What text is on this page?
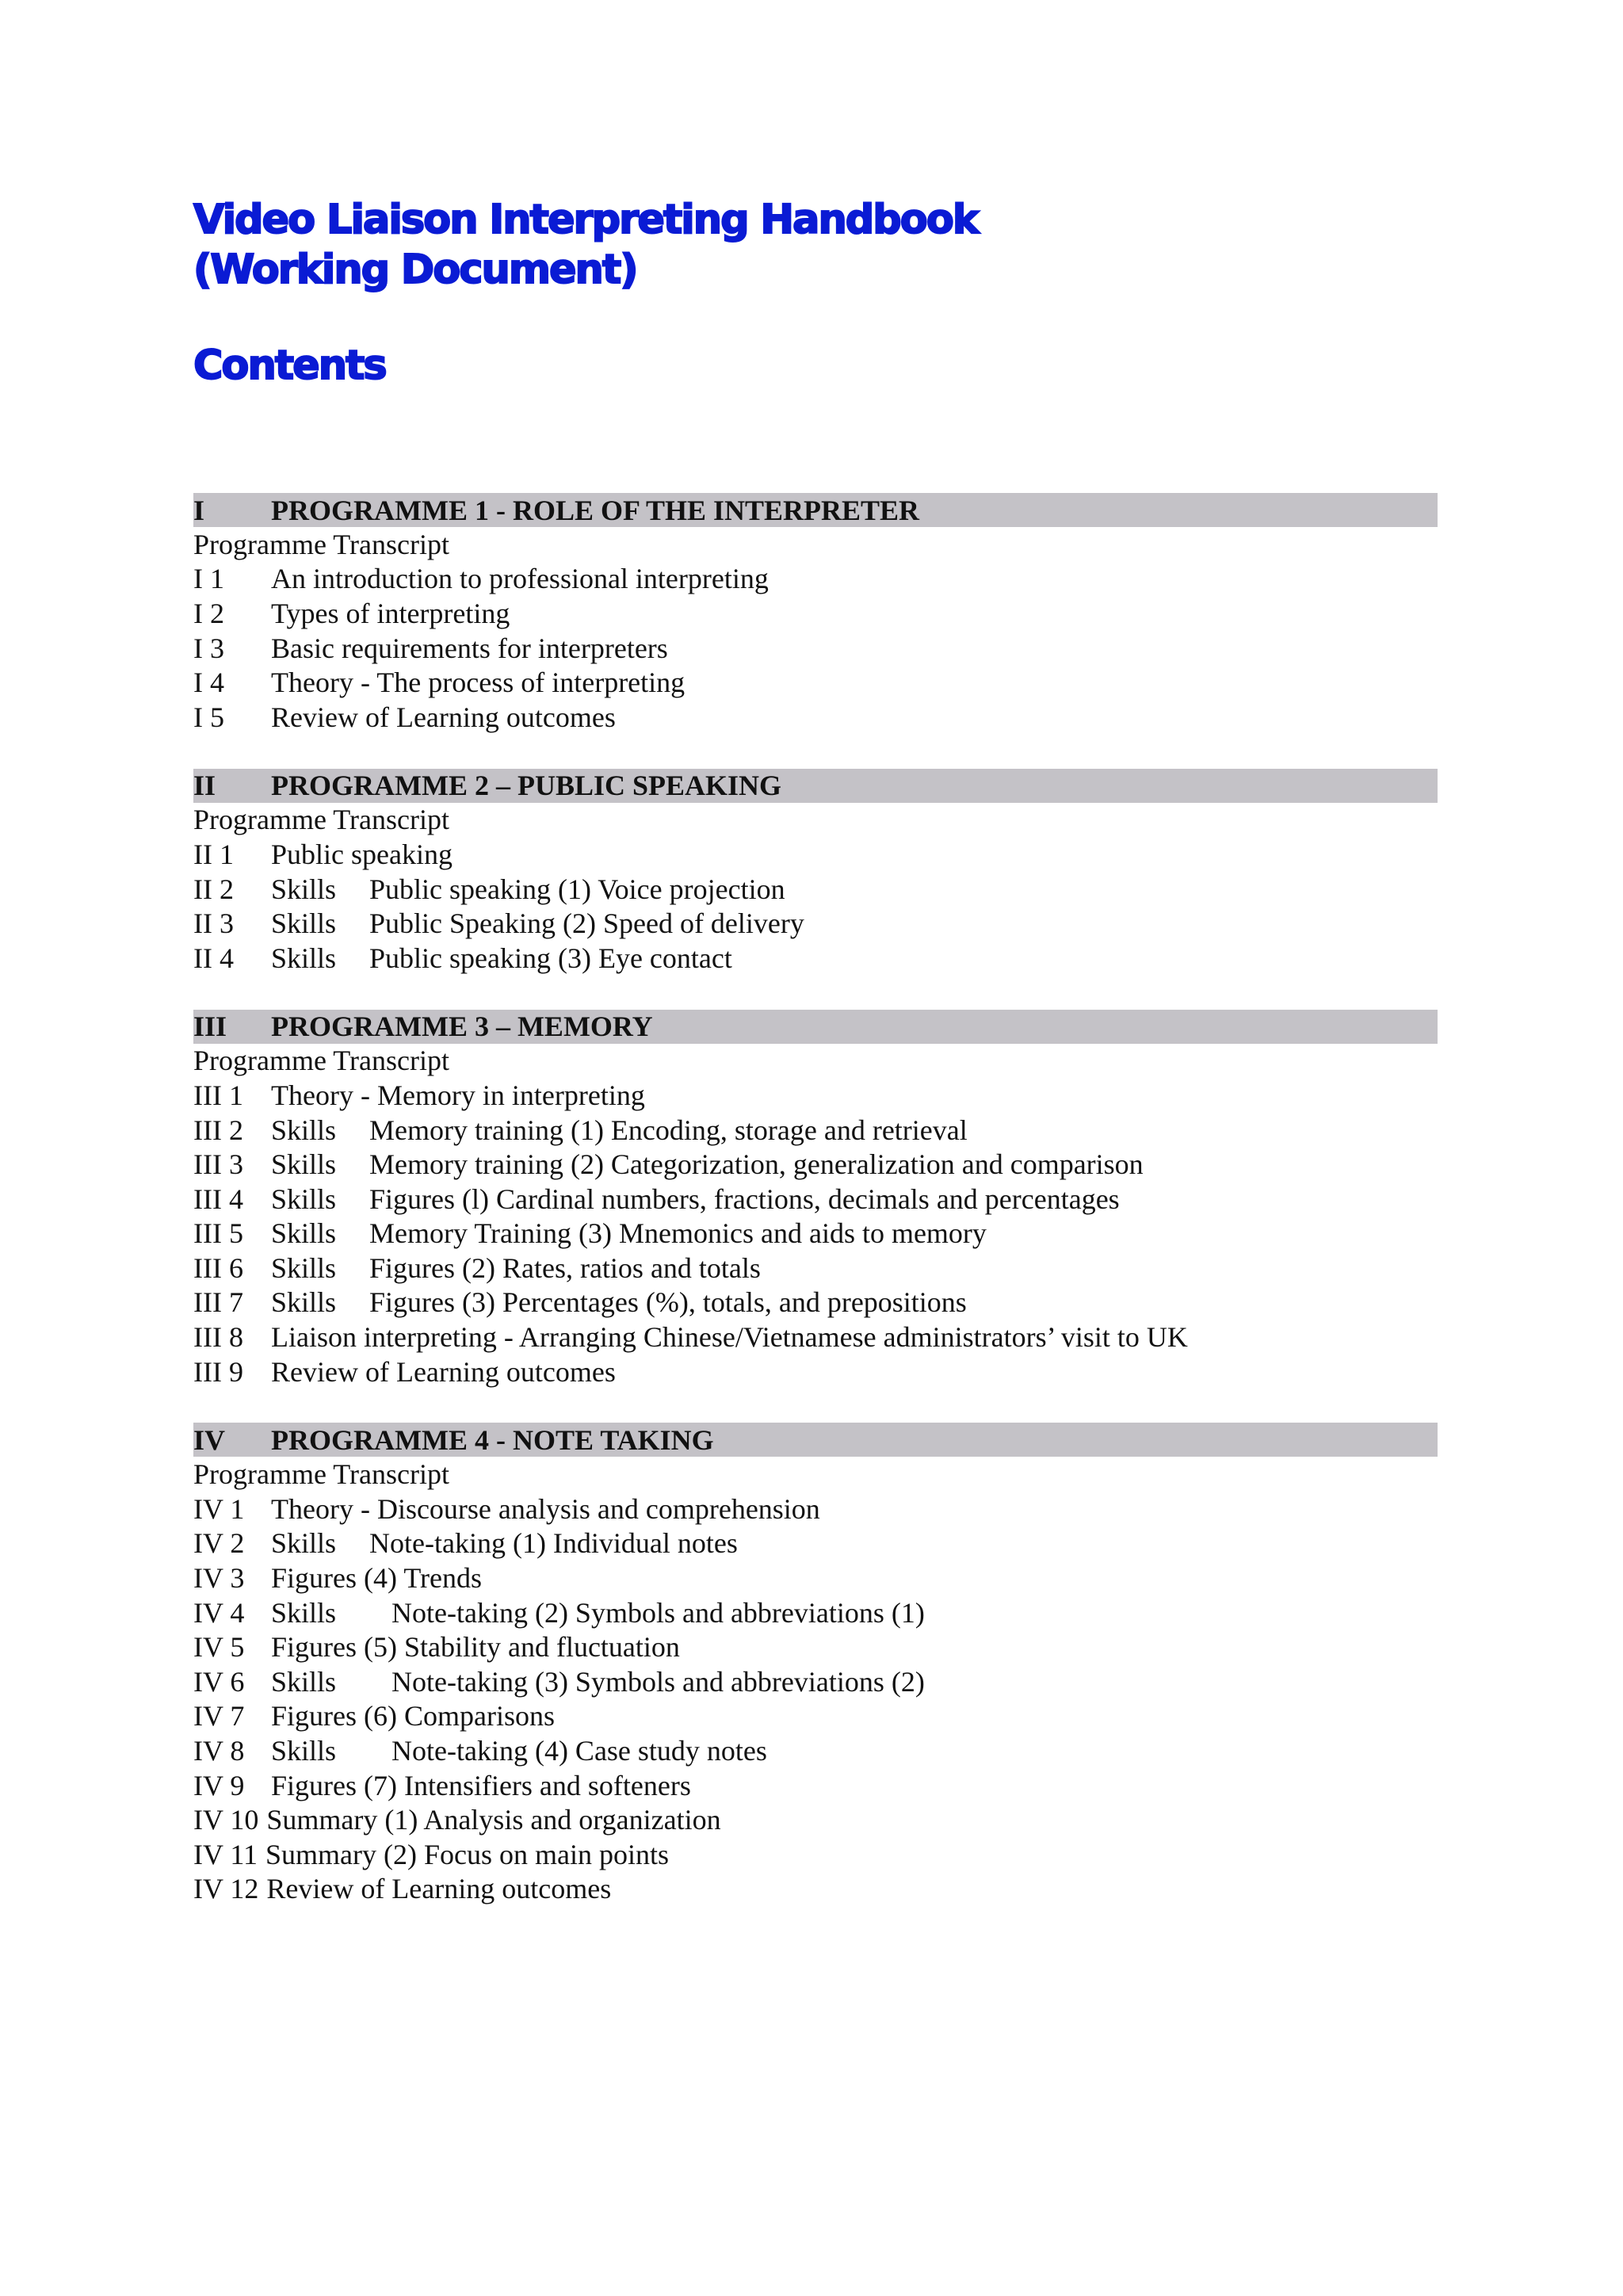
Video Liaison Interpreting Handbook
(Working Document)
Contents
I	PROGRAMME 1 - ROLE OF THE INTERPRETER
Programme Transcript
I 1	An introduction to professional interpreting
I 2	Types of interpreting
I 3	Basic requirements for interpreters
I 4	Theory - The process of interpreting
I 5	Review of Learning outcomes
II	PROGRAMME 2 – PUBLIC SPEAKING
Programme Transcript
II 1	Public speaking
II 2	Skills	Public speaking (1) Voice projection
II 3	Skills	Public Speaking (2) Speed of delivery
II 4	Skills	Public speaking (3) Eye contact
III	PROGRAMME 3 – MEMORY
Programme Transcript
III 1 Theory - Memory in interpreting
III 2 Skills	Memory training (1) Encoding, storage and retrieval
III 3 Skills	Memory training (2) Categorization, generalization and comparison
III 4 Skills	Figures (l) Cardinal numbers, fractions, decimals and percentages
III 5 Skills	Memory Training (3) Mnemonics and aids to memory
III 6 Skills	Figures (2) Rates, ratios and totals
III 7 Skills	Figures (3) Percentages (%), totals, and prepositions
III 8 Liaison interpreting - Arranging Chinese/Vietnamese administrators’ visit to UK
III 9 Review of Learning outcomes
IV	PROGRAMME 4 - NOTE TAKING
Programme Transcript
IV 1 Theory - Discourse analysis and comprehension
IV 2 Skills	Note-taking (1) Individual notes
IV 3 Figures (4) Trends
IV 4 Skills	Note-taking (2) Symbols and abbreviations (1)
IV 5 Figures (5) Stability and fluctuation
IV 6 Skills	Note-taking (3) Symbols and abbreviations (2)
IV 7 Figures (6) Comparisons
IV 8 Skills	Note-taking (4) Case study notes
IV 9 Figures (7) Intensifiers and softeners
IV 10 Summary (1) Analysis and organization
IV 11 Summary (2) Focus on main points
IV 12 Review of Learning outcomes
